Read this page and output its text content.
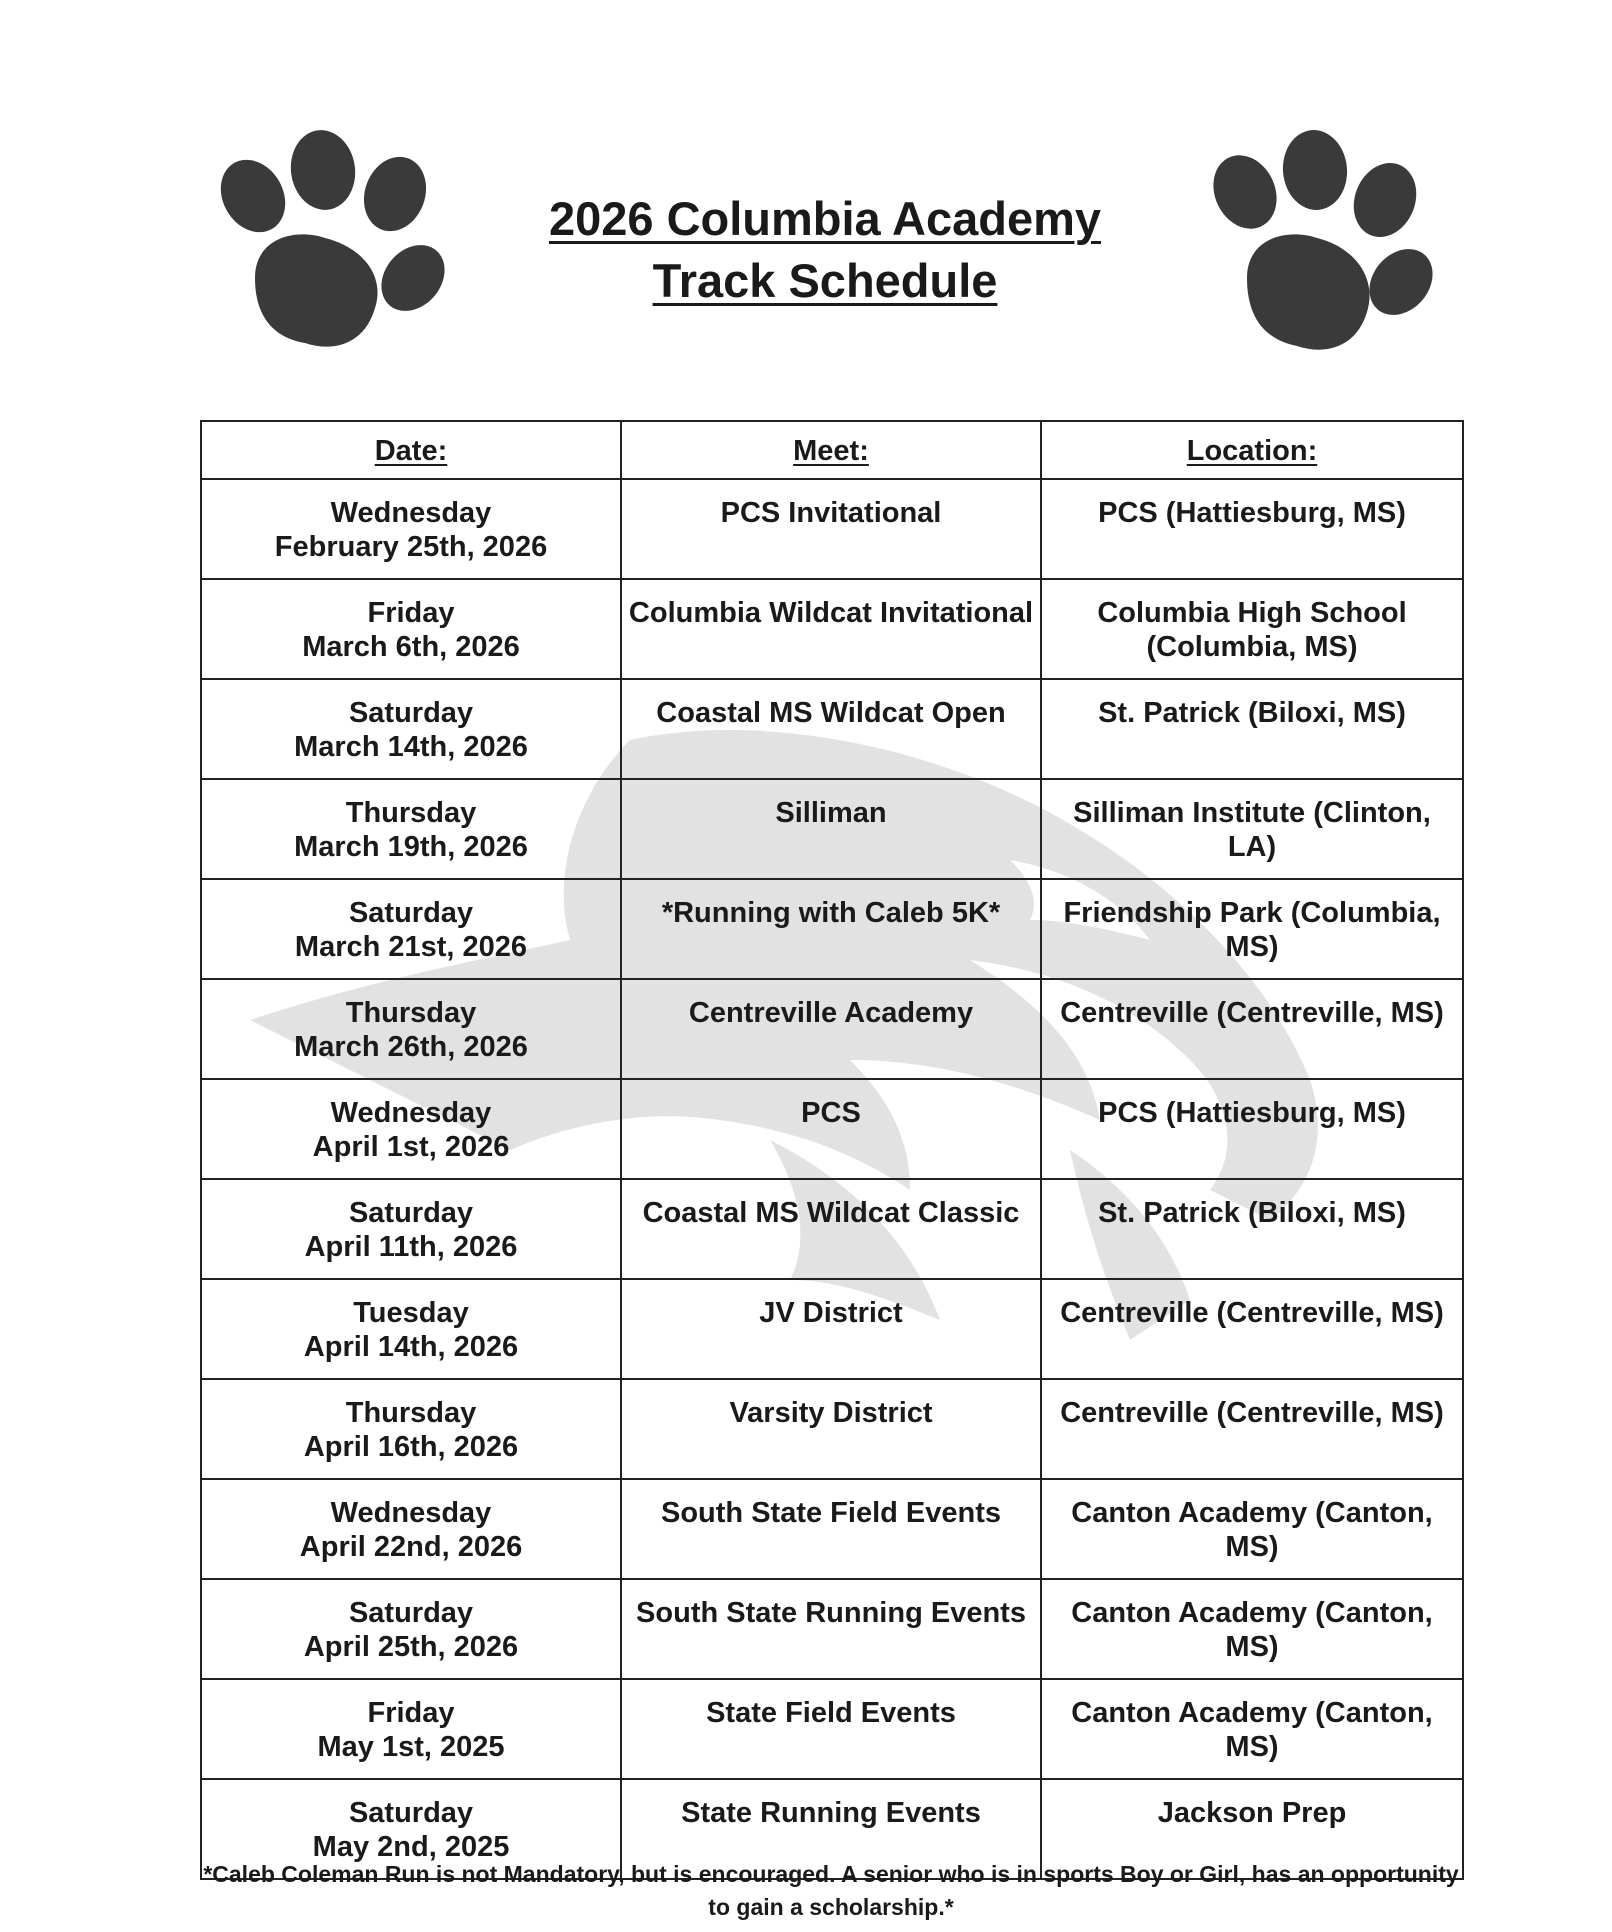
2026 Columbia Academy
Track Schedule
Date:	Meet:	Location:

Wednesday
February 25th, 2026	PCS Invitational	PCS (Hattiesburg, MS)

Friday
March 6th, 2026	Columbia Wildcat Invitational	Columbia High School (Columbia, MS)

Saturday
March 14th, 2026	Coastal MS Wildcat Open	St. Patrick (Biloxi, MS)

Thursday
March 19th, 2026	Silliman	Silliman Institute (Clinton, LA)

Saturday
March 21st, 2026	*Running with Caleb 5K*	Friendship Park (Columbia, MS)

Thursday
March 26th, 2026	Centreville Academy	Centreville (Centreville, MS)

Wednesday
April 1st, 2026	PCS	PCS (Hattiesburg, MS)

Saturday
April 11th, 2026	Coastal MS Wildcat Classic	St. Patrick (Biloxi, MS)

Tuesday
April 14th, 2026	JV District	Centreville (Centreville, MS)

Thursday
April 16th, 2026	Varsity District	Centreville (Centreville, MS)

Wednesday
April 22nd, 2026	South State Field Events	Canton Academy (Canton, MS)

Saturday
April 25th, 2026	South State Running Events	Canton Academy (Canton, MS)

Friday
May 1st, 2025	State Field Events	Canton Academy (Canton, MS)

Saturday
May 2nd, 2025	State Running Events	Jackson Prep
*Caleb Coleman Run is not Mandatory, but is encouraged. A senior who is in sports Boy or Girl, has an opportunity to gain a scholarship.*
